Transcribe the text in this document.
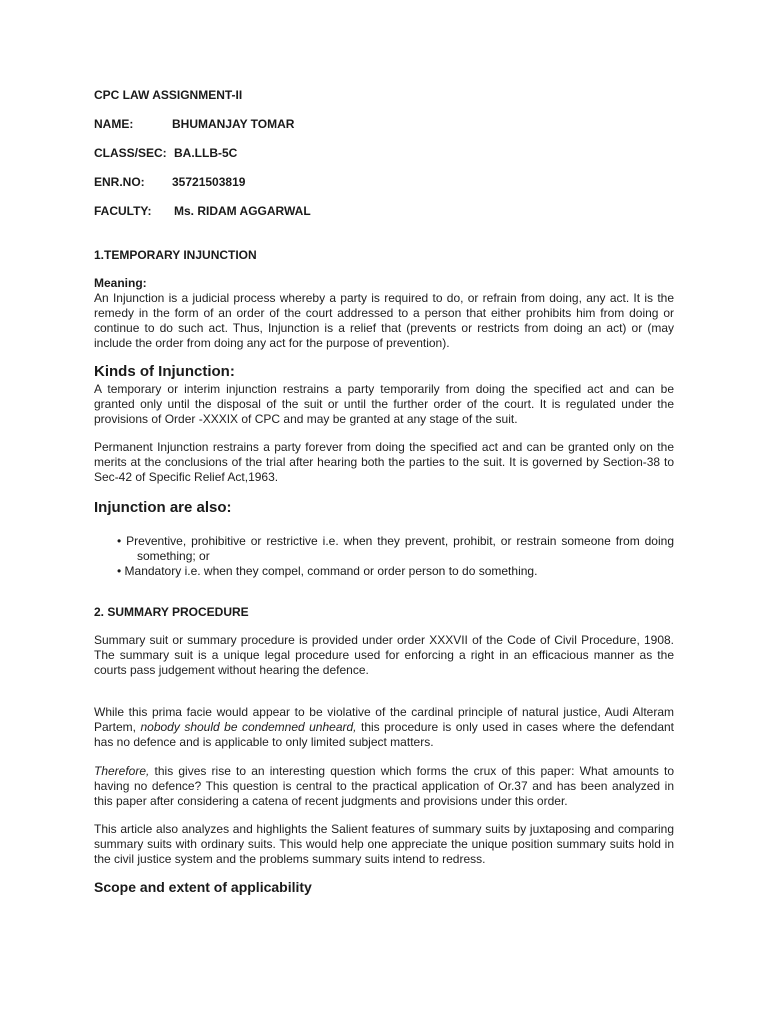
CPC LAW ASSIGNMENT-II
NAME:	BHUMANJAY TOMAR
CLASS/SEC: BA.LLB-5C
ENR.NO: 35721503819
FACULTY: Ms. RIDAM AGGARWAL
1.TEMPORARY INJUNCTION
Meaning:
An Injunction is a judicial process whereby a party is required to do, or refrain from doing, any act. It is the remedy in the form of an order of the court addressed to a person that either prohibits him from doing or continue to do such act. Thus, Injunction is a relief that (prevents or restricts from doing an act) or (may include the order from doing any act for the purpose of prevention).
Kinds of Injunction:
A temporary or interim injunction restrains a party temporarily from doing the specified act and can be granted only until the disposal of the suit or until the further order of the court. It is regulated under the provisions of Order -XXXIX of CPC and may be granted at any stage of the suit.
Permanent Injunction restrains a party forever from doing the specified act and can be granted only on the merits at the conclusions of the trial after hearing both the parties to the suit. It is governed by Section-38 to Sec-42 of Specific Relief Act,1963.
Injunction are also:
• Preventive, prohibitive or restrictive i.e. when they prevent, prohibit, or restrain someone from doing something; or
• Mandatory i.e. when they compel, command or order person to do something.
2. SUMMARY PROCEDURE
Summary suit or summary procedure is provided under order XXXVII of the Code of Civil Procedure, 1908. The summary suit is a unique legal procedure used for enforcing a right in an efficacious manner as the courts pass judgement without hearing the defence.
While this prima facie would appear to be violative of the cardinal principle of natural justice, Audi Alteram Partem, nobody should be condemned unheard, this procedure is only used in cases where the defendant has no defence and is applicable to only limited subject matters.
Therefore, this gives rise to an interesting question which forms the crux of this paper: What amounts to having no defence? This question is central to the practical application of Or.37 and has been analyzed in this paper after considering a catena of recent judgments and provisions under this order.
This article also analyzes and highlights the Salient features of summary suits by juxtaposing and comparing summary suits with ordinary suits. This would help one appreciate the unique position summary suits hold in the civil justice system and the problems summary suits intend to redress.
Scope and extent of applicability
